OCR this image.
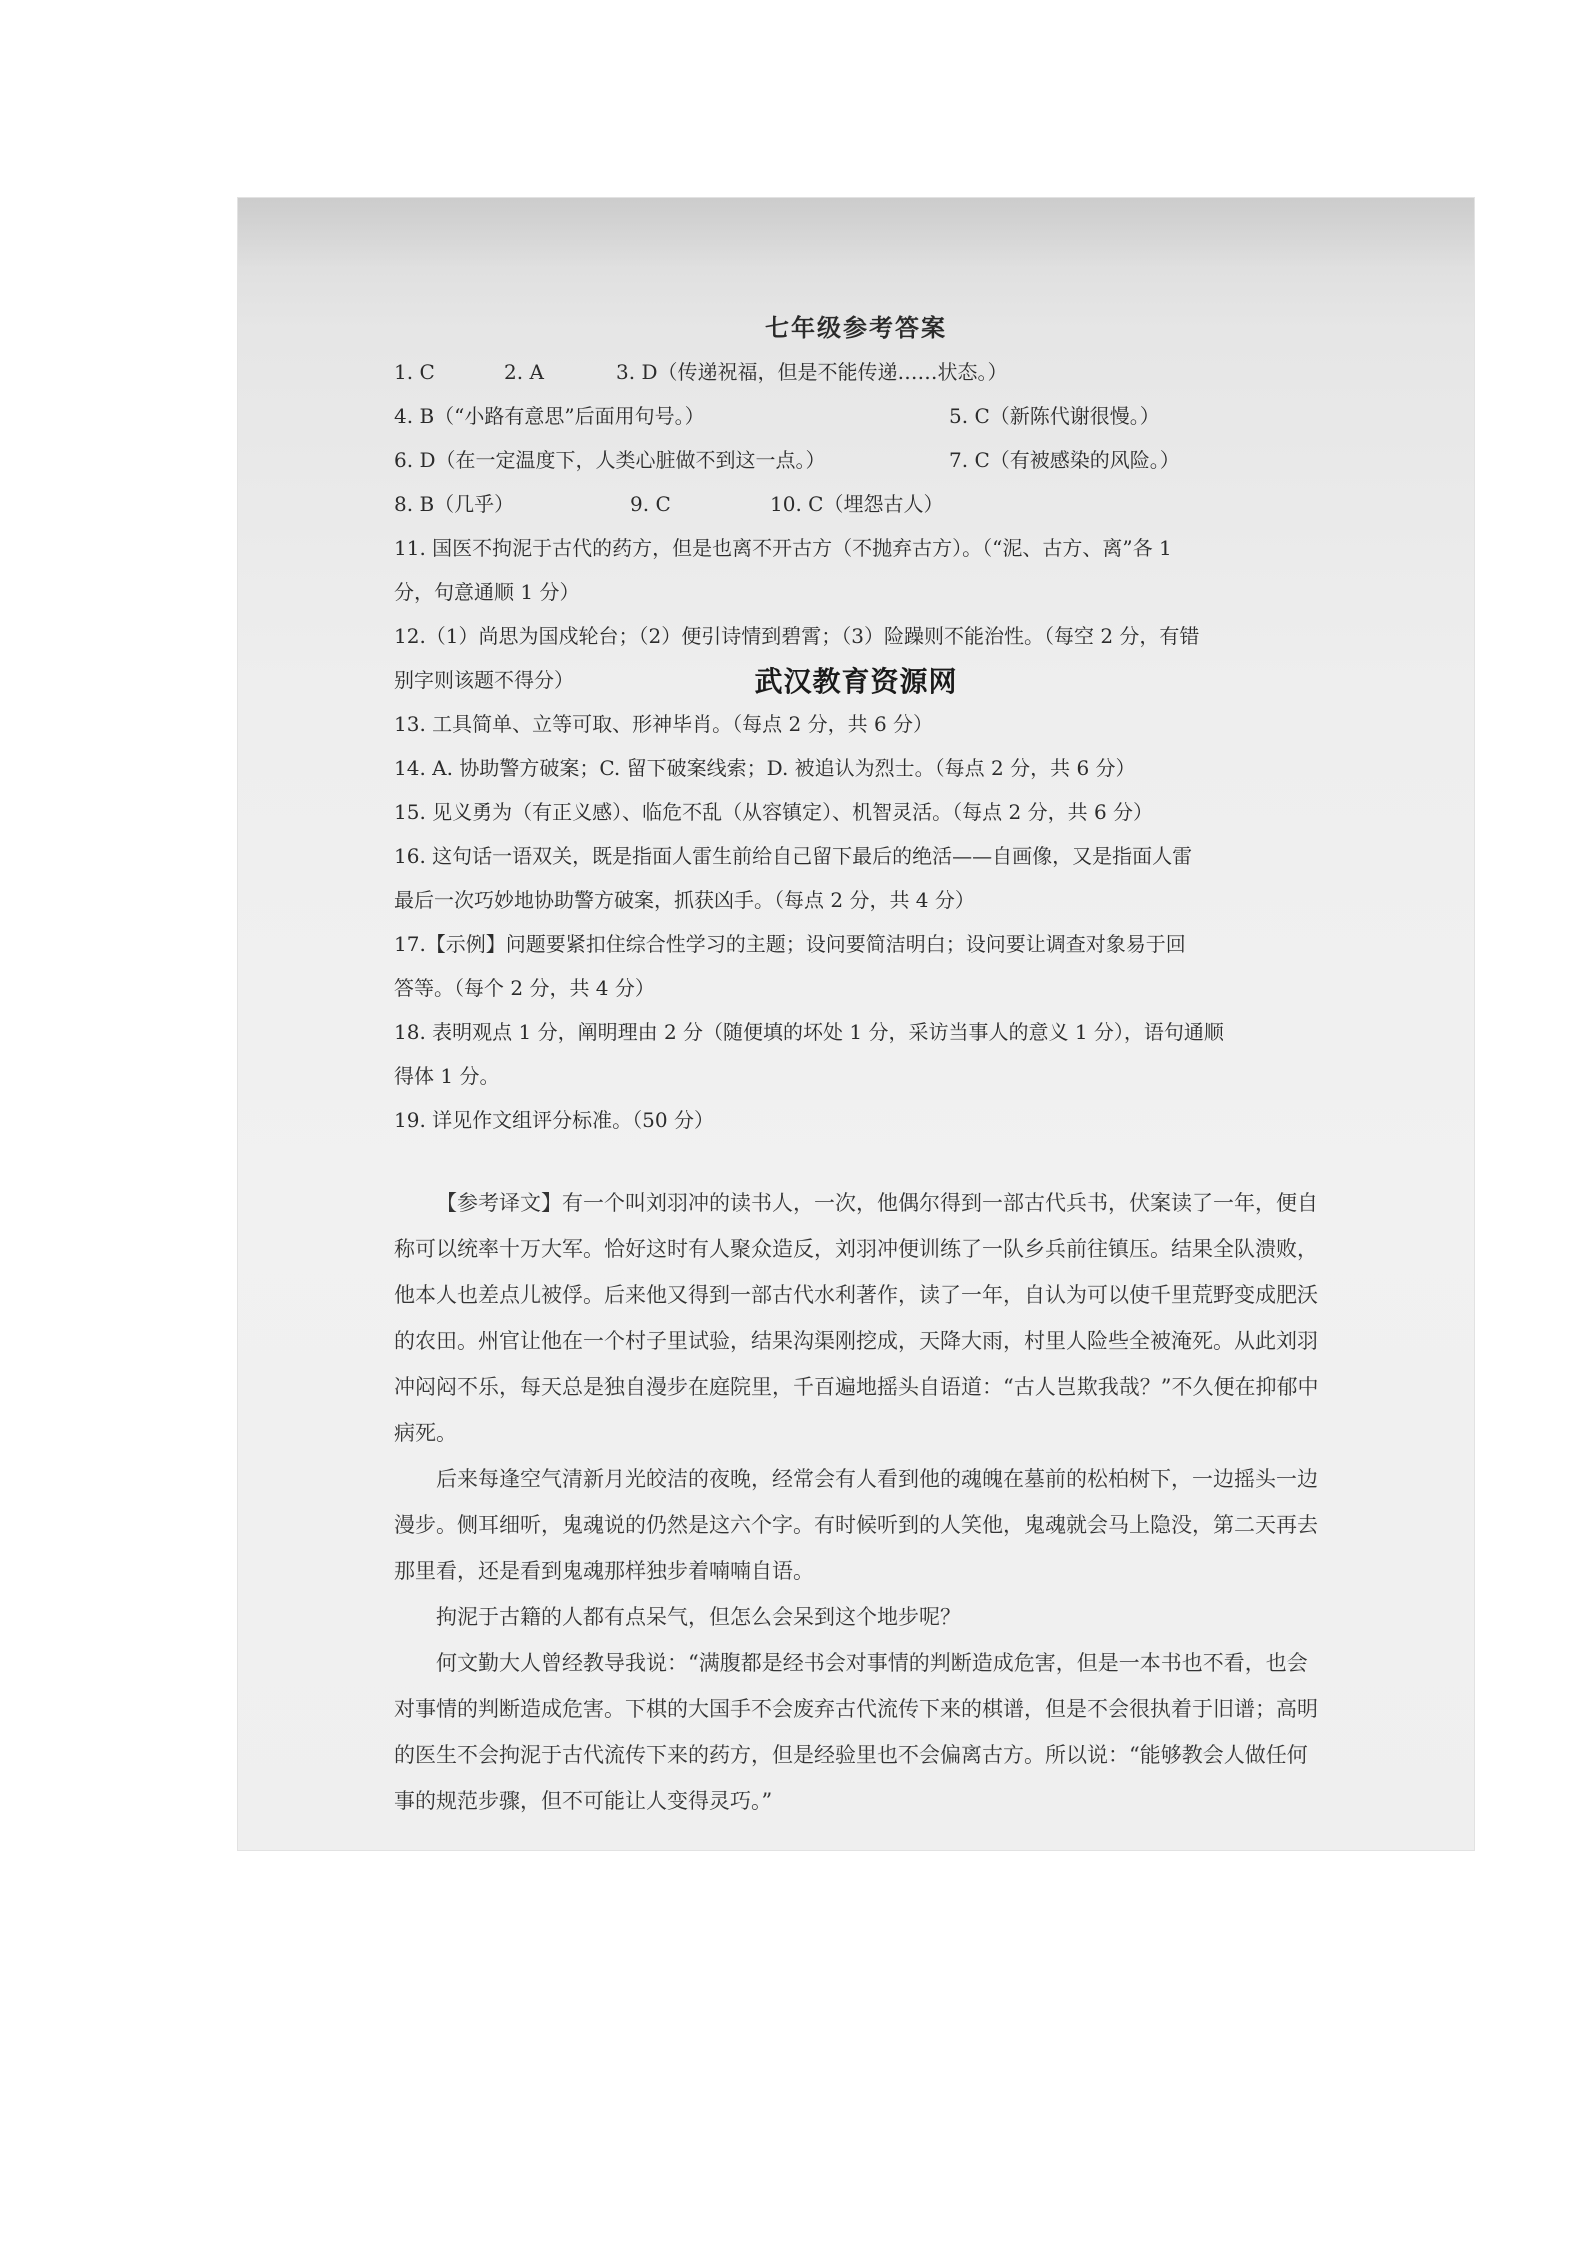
七年级参考答案
1. C	2. A	3. D（传递祝福，但是不能传递……状态。）
4. B（“小路有意思”后面用句号。）	5. C（新陈代谢很慢。）
6. D（在一定温度下，人类心脏做不到这一点。）	7. C（有被感染的风险。）
8. B（几乎）	9. C	10. C（埋怨古人）
11. 国医不拘泥于古代的药方，但是也离不开古方（不抛弃古方）。（“泥、古方、离”各 1
分，句意通顺 1 分）
12.（1）尚思为国戍轮台；（2）便引诗情到碧霄；（3）险躁则不能治性。（每空 2 分，有错
别字则该题不得分）
13. 工具简单、立等可取、形神毕肖。（每点 2 分，共 6 分）
14. A. 协助警方破案；C. 留下破案线索；D. 被追认为烈士。（每点 2 分，共 6 分）
15. 见义勇为（有正义感）、临危不乱（从容镇定）、机智灵活。（每点 2 分，共 6 分）
16. 这句话一语双关，既是指面人雷生前给自己留下最后的绝活——自画像，又是指面人雷
最后一次巧妙地协助警方破案，抓获凶手。（每点 2 分，共 4 分）
17.【示例】问题要紧扣住综合性学习的主题；设问要简洁明白；设问要让调查对象易于回
答等。（每个 2 分，共 4 分）
18. 表明观点 1 分，阐明理由 2 分（随便填的坏处 1 分，采访当事人的意义 1 分），语句通顺
得体 1 分。
19. 详见作文组评分标准。（50 分）
武汉教育资源网

【参考译文】有一个叫刘羽冲的读书人，一次，他偶尔得到一部古代兵书，伏案读了一年，便自称可以统率十万大军。恰好这时有人聚众造反，刘羽冲便训练了一队乡兵前往镇压。结果全队溃败，他本人也差点儿被俘。后来他又得到一部古代水利著作，读了一年，自认为可以使千里荒野变成肥沃的农田。州官让他在一个村子里试验，结果沟渠刚挖成，天降大雨，村里人险些全被淹死。从此刘羽冲闷闷不乐，每天总是独自漫步在庭院里，千百遍地摇头自语道：“古人岂欺我哉？”不久便在抑郁中病死。

后来每逢空气清新月光皎洁的夜晚，经常会有人看到他的魂魄在墓前的松柏树下，一边摇头一边漫步。侧耳细听，鬼魂说的仍然是这六个字。有时候听到的人笑他，鬼魂就会马上隐没，第二天再去那里看，还是看到鬼魂那样独步着喃喃自语。

拘泥于古籍的人都有点呆气，但怎么会呆到这个地步呢？

何文勤大人曾经教导我说：“满腹都是经书会对事情的判断造成危害，但是一本书也不看，也会对事情的判断造成危害。下棋的大国手不会废弃古代流传下来的棋谱，但是不会很执着于旧谱；高明的医生不会拘泥于古代流传下来的药方，但是经验里也不会偏离古方。所以说：“能够教会人做任何事的规范步骤，但不可能让人变得灵巧。”
